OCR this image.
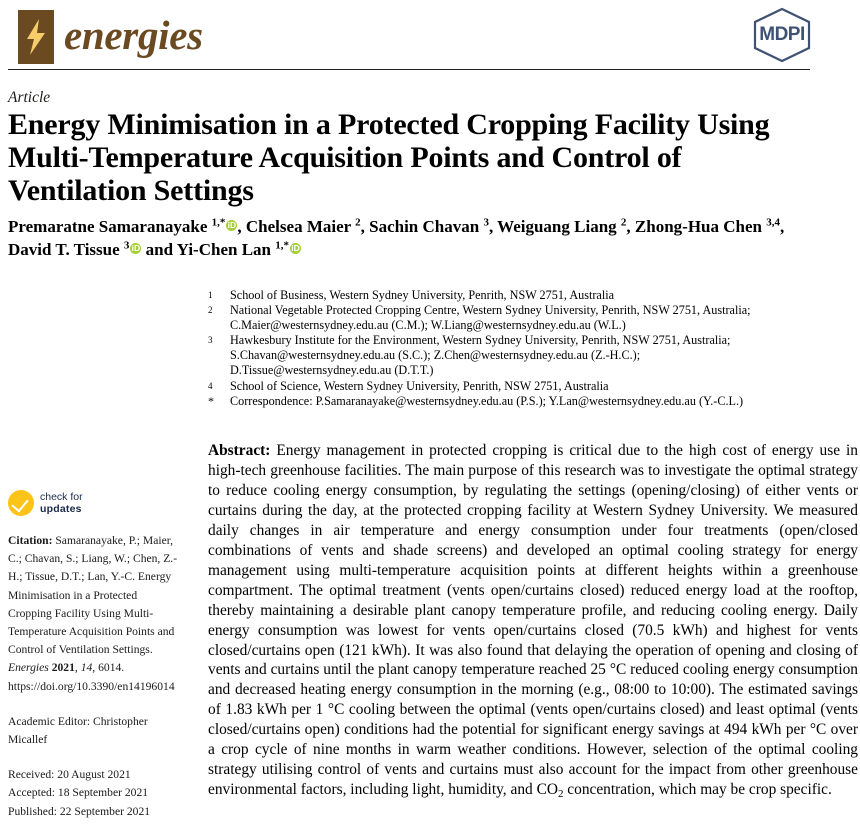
energies	MDPI
Article
Energy Minimisation in a Protected Cropping Facility Using
Multi-Temperature Acquisition Points and Control of
Ventilation Settings
Premaratne Samaranayake $^{1,*}$ iD, Chelsea Maier $^2$, Sachin Chavan $^3$, Weiguang Liang $^2$, Zhong-Hua Chen $^{3,4}$,
David T. Tissue $^3$ iD and Yi-Chen Lan $^{1,*}$ iD
1	School of Business, Western Sydney University, Penrith, NSW 2751, Australia
2	National Vegetable Protected Cropping Centre, Western Sydney University, Penrith, NSW 2751, Australia;
C.Maier@westernsydney.edu.au (C.M.); W.Liang@westernsydney.edu.au (W.L.)
3	Hawkesbury Institute for the Environment, Western Sydney University, Penrith, NSW 2751, Australia;
S.Chavan@westernsydney.edu.au (S.C.); Z.Chen@westernsydney.edu.au (Z.-H.C.);
D.Tissue@westernsydney.edu.au (D.T.T.)
4	School of Science, Western Sydney University, Penrith, NSW 2751, Australia
*	Correspondence: P.Samaranayake@westernsydney.edu.au (P.S.); Y.Lan@westernsydney.edu.au (Y.-C.L.)
check for
updates
Citation: Samaranayake, P.; Maier, C.; Chavan, S.; Liang, W.; Chen, Z.-H.; Tissue, D.T.; Lan, Y.-C. Energy Minimisation in a Protected Cropping Facility Using Multi-Temperature Acquisition Points and Control of Ventilation Settings. Energies 2021, 14, 6014. https://doi.org/10.3390/en14196014
Academic Editor: Christopher Micallef
Received: 20 August 2021
Accepted: 18 September 2021
Published: 22 September 2021
Abstract: Energy management in protected cropping is critical due to the high cost of energy use in high-tech greenhouse facilities. The main purpose of this research was to investigate the optimal strategy to reduce cooling energy consumption, by regulating the settings (opening/closing) of either vents or curtains during the day, at the protected cropping facility at Western Sydney University. We measured daily changes in air temperature and energy consumption under four treatments (open/closed combinations of vents and shade screens) and developed an optimal cooling strategy for energy management using multi-temperature acquisition points at different heights within a greenhouse compartment. The optimal treatment (vents open/curtains closed) reduced energy load at the rooftop, thereby maintaining a desirable plant canopy temperature profile, and reducing cooling energy. Daily energy consumption was lowest for vents open/curtains closed (70.5 kWh) and highest for vents closed/curtains open (121 kWh). It was also found that delaying the operation of opening and closing of vents and curtains until the plant canopy temperature reached 25 °C reduced cooling energy consumption and decreased heating energy consumption in the morning (e.g., 08:00 to 10:00). The estimated savings of 1.83 kWh per 1 °C cooling between the optimal (vents open/curtains closed) and least optimal (vents closed/curtains open) conditions had the potential for significant energy savings at 494 kWh per °C over a crop cycle of nine months in warm weather conditions. However, selection of the optimal cooling strategy utilising control of vents and curtains must also account for the impact from other greenhouse environmental factors, including light, humidity, and $CO_2$ concentration, which may be crop specific.
